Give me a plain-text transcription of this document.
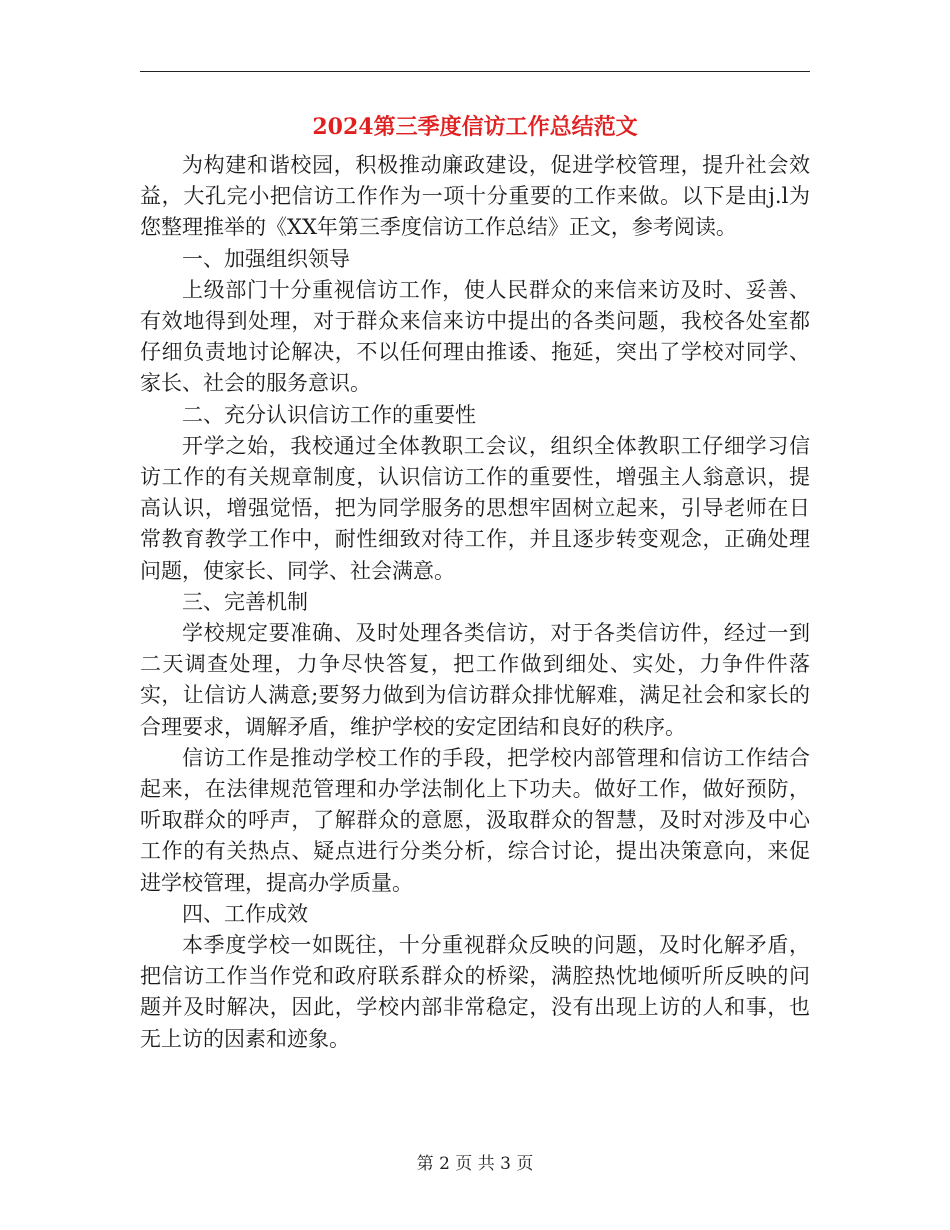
2024第三季度信访工作总结范文

为构建和谐校园，积极推动廉政建设，促进学校管理，提升社会效益，大孔完小把信访工作作为一项十分重要的工作来做。以下是由j.l为您整理推举的《XX年第三季度信访工作总结》正文，参考阅读。

一、加强组织领导

上级部门十分重视信访工作，使人民群众的来信来访及时、妥善、有效地得到处理，对于群众来信来访中提出的各类问题，我校各处室都仔细负责地讨论解决，不以任何理由推诿、拖延，突出了学校对同学、家长、社会的服务意识。

二、充分认识信访工作的重要性

开学之始，我校通过全体教职工会议，组织全体教职工仔细学习信访工作的有关规章制度，认识信访工作的重要性，增强主人翁意识，提高认识，增强觉悟，把为同学服务的思想牢固树立起来，引导老师在日常教育教学工作中，耐性细致对待工作，并且逐步转变观念，正确处理问题，使家长、同学、社会满意。

三、完善机制

学校规定要准确、及时处理各类信访，对于各类信访件，经过一到二天调查处理，力争尽快答复，把工作做到细处、实处，力争件件落实，让信访人满意;要努力做到为信访群众排忧解难，满足社会和家长的合理要求，调解矛盾，维护学校的安定团结和良好的秩序。

信访工作是推动学校工作的手段，把学校内部管理和信访工作结合起来，在法律规范管理和办学法制化上下功夫。做好工作，做好预防，听取群众的呼声，了解群众的意愿，汲取群众的智慧，及时对涉及中心工作的有关热点、疑点进行分类分析，综合讨论，提出决策意向，来促进学校管理，提高办学质量。

四、工作成效

本季度学校一如既往，十分重视群众反映的问题，及时化解矛盾，把信访工作当作党和政府联系群众的桥梁，满腔热忱地倾听所反映的问题并及时解决，因此，学校内部非常稳定，没有出现上访的人和事，也无上访的因素和迹象。

第 2 页 共 3 页
